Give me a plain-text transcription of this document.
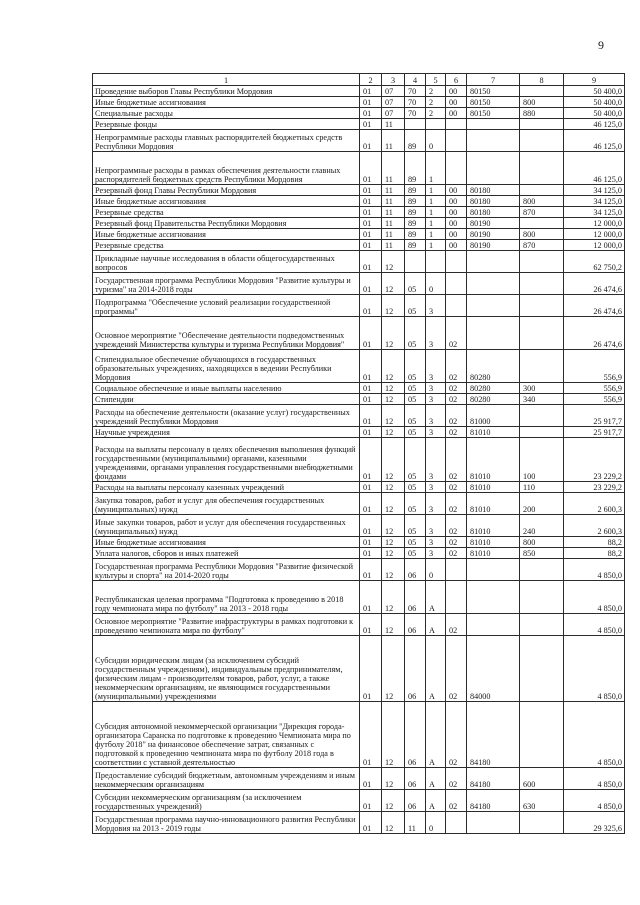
9
1	2	3	4	5	6	7	8	9
Проведение выборов Главы Республики Мордовия	01	07	70	2	00	80150		50 400,0
Иные бюджетные ассигнования	01	07	70	2	00	80150	800	50 400,0
Специальные расходы	01	07	70	2	00	80150	880	50 400,0
Резервные фонды	01	11						46 125,0
Непрограммные расходы главных распорядителей бюджетных средств Республики Мордовия	01	11	89	0				46 125,0
Непрограммные расходы в рамках обеспечения деятельности главных распорядителей бюджетных средств Республики Мордовия	01	11	89	1				46 125,0
Резервный фонд Главы Республики Мордовия	01	11	89	1	00	80180		34 125,0
Иные бюджетные ассигнования	01	11	89	1	00	80180	800	34 125,0
Резервные средства	01	11	89	1	00	80180	870	34 125,0
Резервный фонд Правительства Республики Мордовия	01	11	89	1	00	80190		12 000,0
Иные бюджетные ассигнования	01	11	89	1	00	80190	800	12 000,0
Резервные средства	01	11	89	1	00	80190	870	12 000,0
Прикладные научные исследования в области общегосударственных вопросов	01	12						62 750,2
Государственная программа Республики Мордовия "Развитие культуры и туризма" на 2014-2018 годы	01	12	05	0				26 474,6
Подпрограмма "Обеспечение условий реализации государственной программы"	01	12	05	3				26 474,6
Основное мероприятие "Обеспечение деятельности подведомственных учреждений Министерства культуры и туризма Республики Мордовия"	01	12	05	3	02			26 474,6
Стипендиальное обеспечение обучающихся в государственных образовательных учреждениях, находящихся в ведении Республики Мордовия	01	12	05	3	02	80280		556,9
Социальное обеспечение и иные выплаты населению	01	12	05	3	02	80280	300	556,9
Стипендии	01	12	05	3	02	80280	340	556,9
Расходы на обеспечение деятельности (оказание услуг) государственных учреждений Республики Мордовия	01	12	05	3	02	81000		25 917,7
Научные учреждения	01	12	05	3	02	81010		25 917,7
Расходы на выплаты персоналу в целях обеспечения выполнения функций государственными (муниципальными) органами, казенными учреждениями, органами управления государственными внебюджетными фондами	01	12	05	3	02	81010	100	23 229,2
Расходы на выплаты персоналу казенных учреждений	01	12	05	3	02	81010	110	23 229,2
Закупка товаров, работ и услуг для обеспечения государственных (муниципальных) нужд	01	12	05	3	02	81010	200	2 600,3
Иные закупки товаров, работ и услуг для обеспечения государственных (муниципальных) нужд	01	12	05	3	02	81010	240	2 600,3
Иные бюджетные ассигнования	01	12	05	3	02	81010	800	88,2
Уплата налогов, сборов и иных платежей	01	12	05	3	02	81010	850	88,2
Государственная программа Республики Мордовия "Развитие физической культуры и спорта" на 2014-2020 годы	01	12	06	0				4 850,0
Республиканская целевая программа "Подготовка к проведению в 2018 году чемпионата мира по футболу" на 2013 - 2018 годы	01	12	06	А				4 850,0
Основное мероприятие "Развитие инфраструктуры в рамках подготовки к проведению чемпионата мира по футболу"	01	12	06	А	02			4 850,0
Субсидии юридическим лицам (за исключением субсидий государственным учреждениям), индивидуальным предпринимателям, физическим лицам - производителям товаров, работ, услуг, а также некоммерческим организациям, не являющимся государственными (муниципальными) учреждениями	01	12	06	А	02	84000		4 850,0
Субсидия автономной некоммерческой организации "Дирекция города-организатора Саранска по подготовке к проведению Чемпионата мира по футболу 2018" на финансовое обеспечение затрат, связанных с подготовкой к проведению чемпионата мира по футболу 2018 года в соответствии с уставной деятельностью	01	12	06	А	02	84180		4 850,0
Предоставление субсидий бюджетным, автономным учреждениям и иным некоммерческим организациям	01	12	06	А	02	84180	600	4 850,0
Субсидии некоммерческим организациям (за исключением государственных учреждений)	01	12	06	А	02	84180	630	4 850,0
Государственная программа научно-инновационного развития Республики Мордовия на 2013 - 2019 годы	01	12	11	0				29 325,6
